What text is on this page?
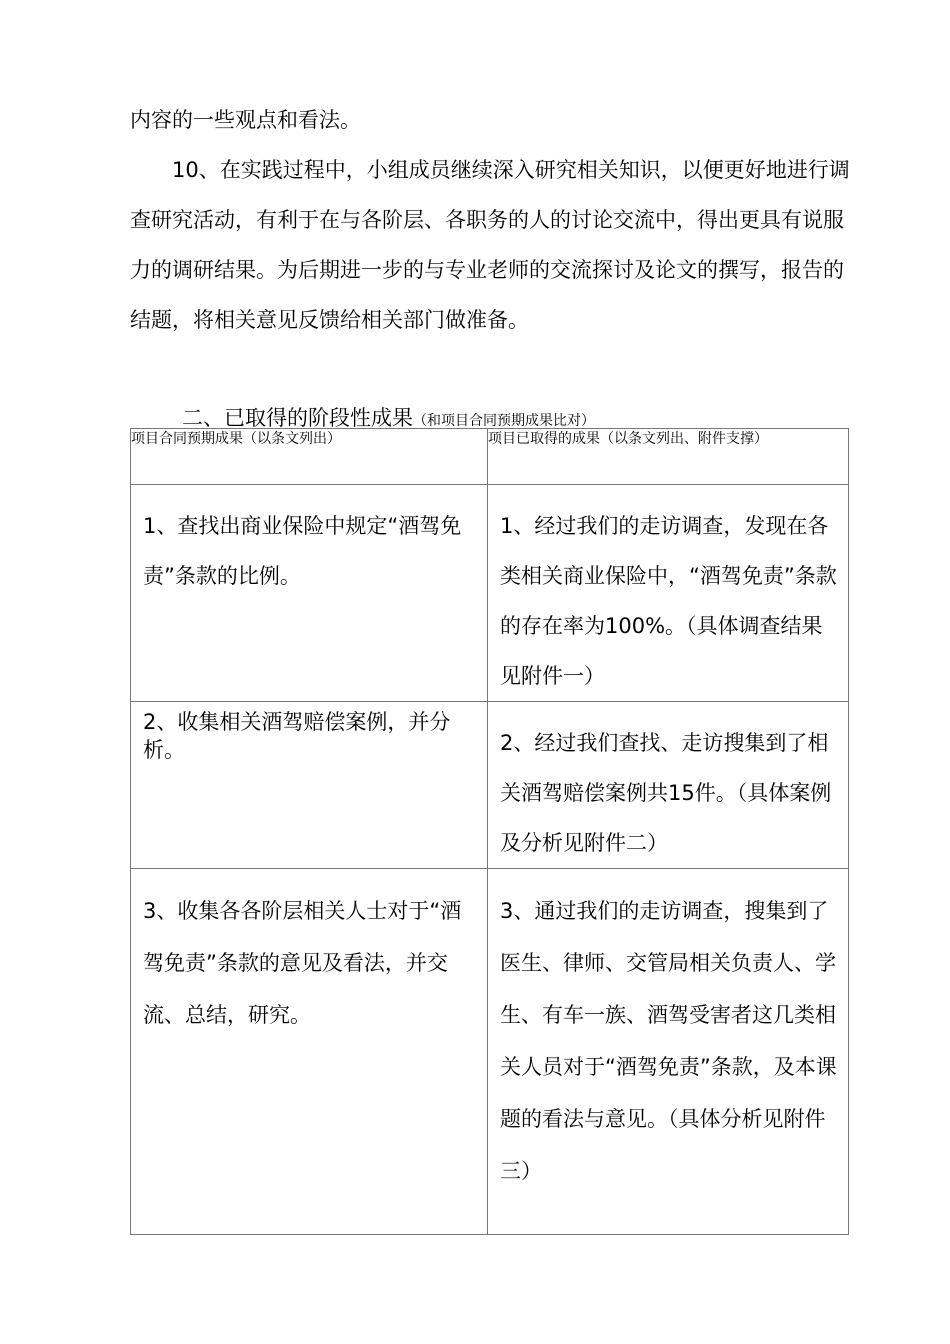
内容的一些观点和看法。

10、在实践过程中，小组成员继续深入研究相关知识，以便更好地进行调查研究活动，有利于在与各阶层、各职务的人的讨论交流中，得出更具有说服力的调研结果。为后期进一步的与专业老师的交流探讨及论文的撰写，报告的结题，将相关意见反馈给相关部门做准备。

二、已取得的阶段性成果（和项目合同预期成果比对）
项目合同预期成果（以条文列出）	项目已取得的成果（以条文列出、附件支撑）
1、查找出商业保险中规定“酒驾免责”条款的比例。	1、经过我们的走访调查，发现在各类相关商业保险中，“酒驾免责”条款的存在率为100%。（具体调查结果见附件一）
2、收集相关酒驾赔偿案例，并分析。	2、经过我们查找、走访搜集到了相关酒驾赔偿案例共15件。（具体案例及分析见附件二）
3、收集各各阶层相关人士对于“酒驾免责”条款的意见及看法，并交流、总结，研究。	3、通过我们的走访调查，搜集到了医生、律师、交管局相关负责人、学生、有车一族、酒驾受害者这几类相关人员对于“酒驾免责”条款，及本课题的看法与意见。（具体分析见附件三）
